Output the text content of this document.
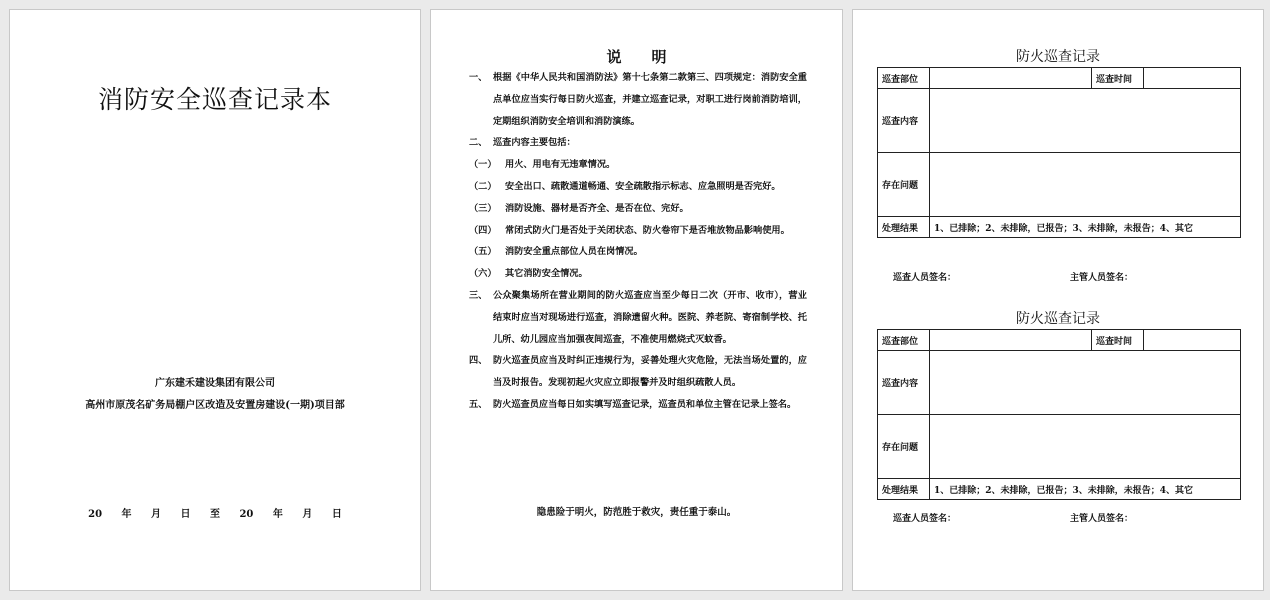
消防安全巡查记录本
广东建禾建设集团有限公司
高州市原茂名矿务局棚户区改造及安置房建设(一期)项目部
20 年 月 日 至 20 年 月 日
说明
一、 根据《中华人民共和国消防法》第十七条第二款第三、四项规定：消防安全重点单位应当实行每日防火巡查，并建立巡查记录，对职工进行岗前消防培训，定期组织消防安全培训和消防演练。
二、 巡查内容主要包括：
（一） 用火、用电有无违章情况。
（二） 安全出口、疏散通道畅通、安全疏散指示标志、应急照明是否完好。
（三） 消防设施、器材是否齐全、是否在位、完好。
（四） 常闭式防火门是否处于关闭状态、防火卷帘下是否堆放物品影响使用。
（五） 消防安全重点部位人员在岗情况。
（六） 其它消防安全情况。
三、 公众聚集场所在营业期间的防火巡查应当至少每日二次（开市、收市），营业结束时应当对现场进行巡查，消除遗留火种。医院、养老院、寄宿制学校、托儿所、幼儿园应当加强夜间巡查，不准使用燃烧式灭蚊香。
四、 防火巡查员应当及时纠正违规行为，妥善处理火灾危险，无法当场处置的，应当及时报告。发现初起火灾应立即报警并及时组织疏散人员。
五、 防火巡查员应当每日如实填写巡查记录，巡查员和单位主管在记录上签名。
隐患险于明火，防范胜于救灾，责任重于泰山。
防火巡查记录
巡查部位		巡查时间	
巡查内容			
存在问题			
处理结果	1、已排除；2、未排除，已报告；3、未排除，未报告；4、其它		
巡查人员签名：	主管人员签名：
防火巡查记录
巡查部位		巡查时间	
巡查内容			
存在问题			
处理结果	1、已排除；2、未排除，已报告；3、未排除，未报告；4、其它		
巡查人员签名：	主管人员签名：
